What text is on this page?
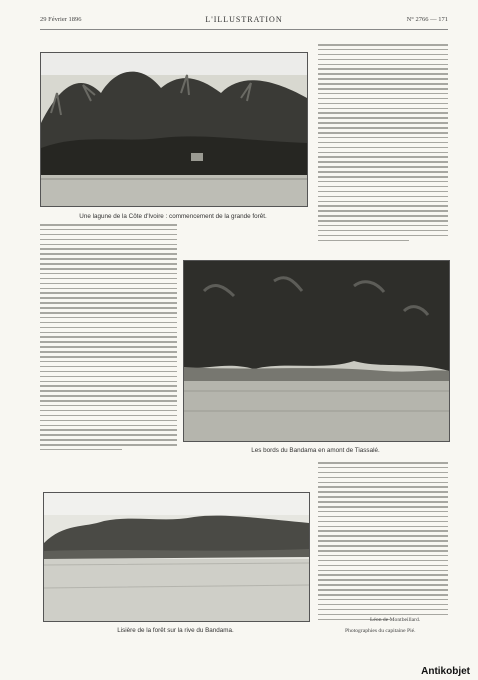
29 Février 1896	L'ILLUSTRATION	N° 2766 — 171
Une lagune de la Côte d'Ivoire : commencement de la grande forêt.
Les bords du Bandama en amont de Tiassalé.
Lisière de la forêt sur la rive du Bandama.
Léon de Montbeillard.
Photographies du capitaine Pié.
Antikobjet
